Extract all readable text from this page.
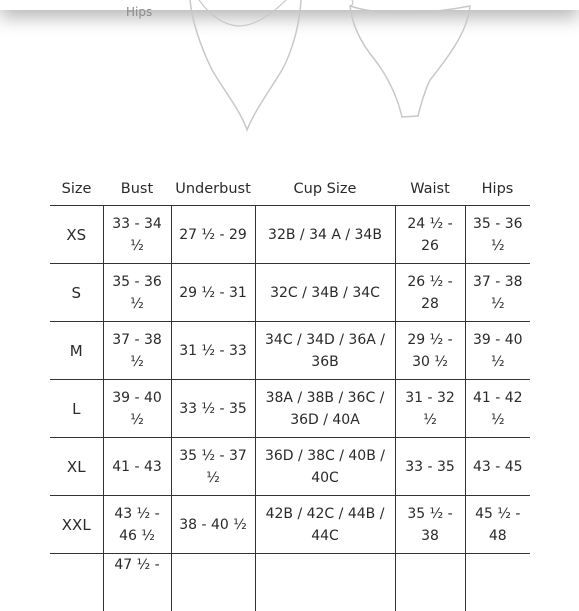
Hips
Size	Bust	Underbust	Cup Size	Waist	Hips
XS	33 - 34 ½	27 ½ - 29	32B / 34 A / 34B	24 ½ - 26	35 - 36 ½
S	35 - 36 ½	29 ½ - 31	32C / 34B / 34C	26 ½ - 28	37 - 38 ½
M	37 - 38 ½	31 ½ - 33	34C / 34D / 36A / 36B	29 ½ - 30 ½	39 - 40 ½
L	39 - 40 ½	33 ½ - 35	38A / 38B / 36C / 36D / 40A	31 - 32 ½	41 - 42 ½
XL	41 - 43	35 ½ - 37 ½	36D / 38C / 40B / 40C	33 - 35	43 - 45
XXL	43 ½ - 46 ½	38 - 40 ½	42B / 42C / 44B / 44C	35 ½ - 38	45 ½ - 48
	47 ½ -				
